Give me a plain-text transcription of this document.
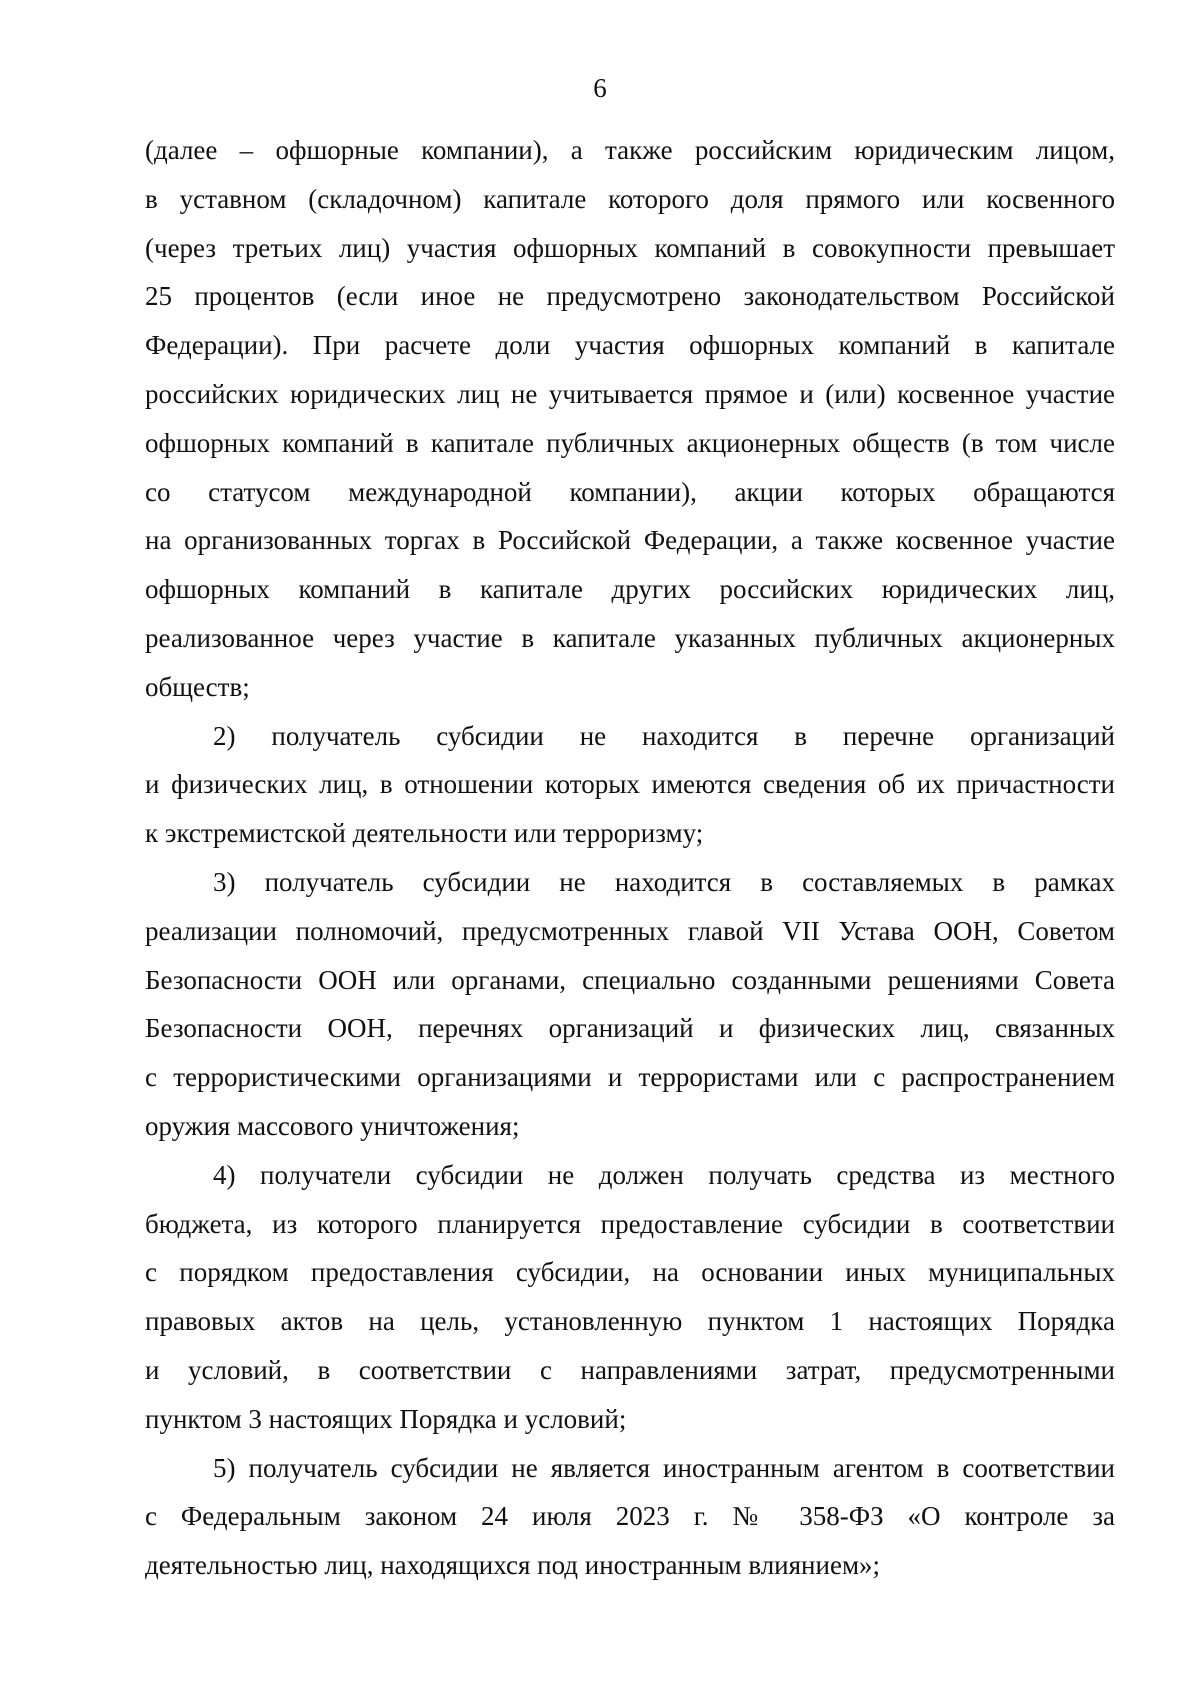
6
(далее – офшорные компании), а также российским юридическим лицом,
в уставном (складочном) капитале которого доля прямого или косвенного
(через третьих лиц) участия офшорных компаний в совокупности превышает
25 процентов (если иное не предусмотрено законодательством Российской
Федерации). При расчете доли участия офшорных компаний в капитале
российских юридических лиц не учитывается прямое и (или) косвенное участие
офшорных компаний в капитале публичных акционерных обществ (в том числе
со статусом международной компании), акции которых обращаются
на организованных торгах в Российской Федерации, а также косвенное участие
офшорных компаний в капитале других российских юридических лиц,
реализованное через участие в капитале указанных публичных акционерных
обществ;
2) получатель субсидии не находится в перечне организаций
и физических лиц, в отношении которых имеются сведения об их причастности
к экстремистской деятельности или терроризму;
3) получатель субсидии не находится в составляемых в рамках
реализации полномочий, предусмотренных главой VII Устава ООН, Советом
Безопасности ООН или органами, специально созданными решениями Совета
Безопасности ООН, перечнях организаций и физических лиц, связанных
с террористическими организациями и террористами или с распространением
оружия массового уничтожения;
4) получатели субсидии не должен получать средства из местного
бюджета, из которого планируется предоставление субсидии в соответствии
с порядком предоставления субсидии, на основании иных муниципальных
правовых актов на цель, установленную пунктом 1 настоящих Порядка
и условий, в соответствии с направлениями затрат, предусмотренными
пунктом 3 настоящих Порядка и условий;
5) получатель субсидии не является иностранным агентом в соответствии
с Федеральным законом 24 июля 2023 г. № 358-ФЗ «О контроле за
деятельностью лиц, находящихся под иностранным влиянием»;
